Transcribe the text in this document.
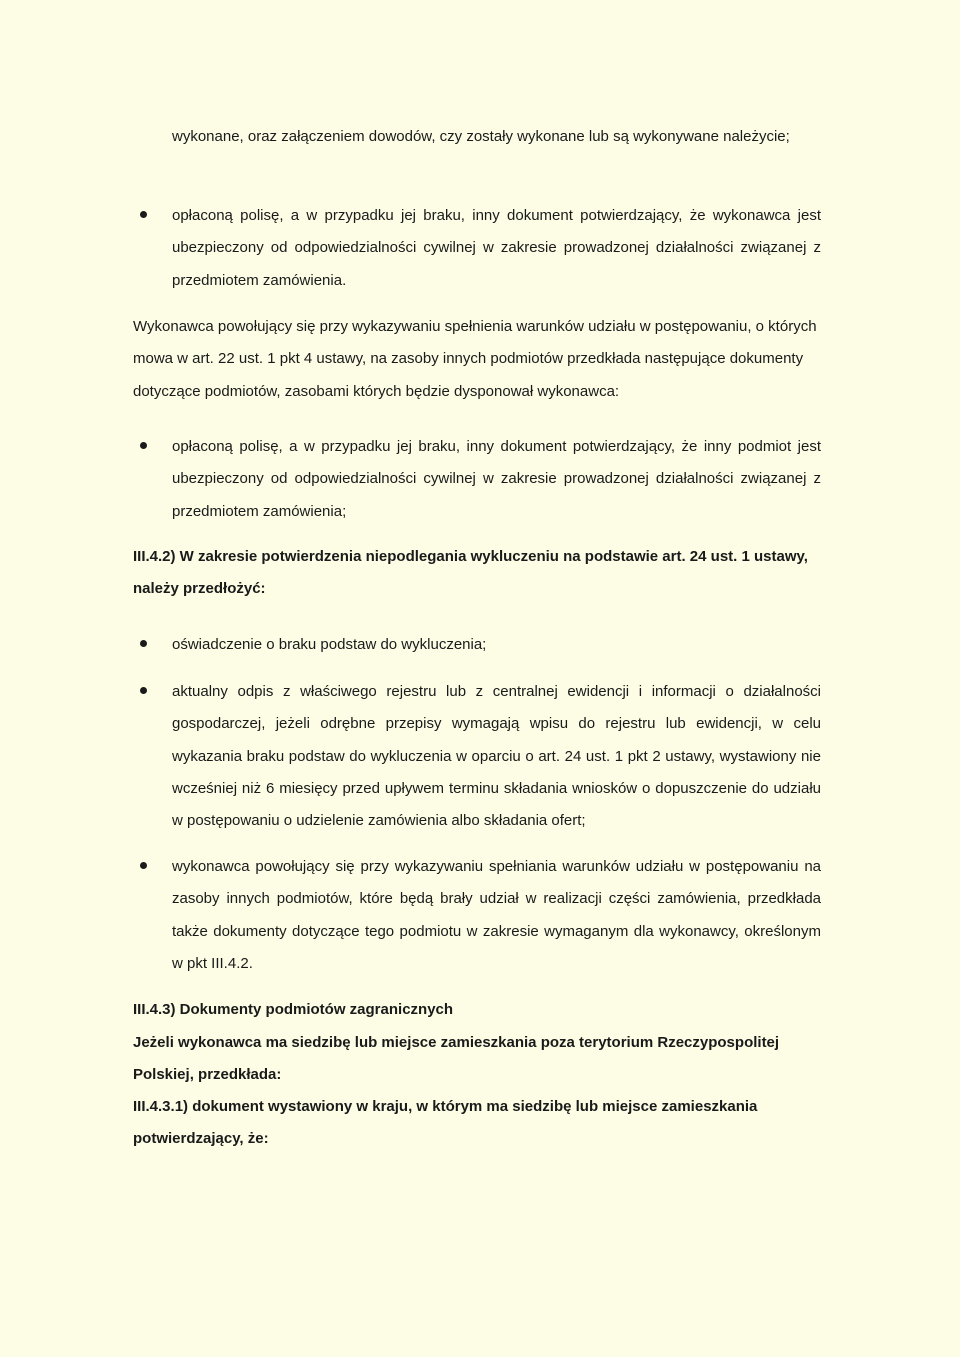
wykonane, oraz załączeniem dowodów, czy zostały wykonane lub są wykonywane należycie;

opłaconą polisę, a w przypadku jej braku, inny dokument potwierdzający, że wykonawca jest ubezpieczony od odpowiedzialności cywilnej w zakresie prowadzonej działalności związanej z przedmiotem zamówienia.

Wykonawca powołujący się przy wykazywaniu spełnienia warunków udziału w postępowaniu, o których mowa w art. 22 ust. 1 pkt 4 ustawy, na zasoby innych podmiotów przedkłada następujące dokumenty dotyczące podmiotów, zasobami których będzie dysponował wykonawca:

opłaconą polisę, a w przypadku jej braku, inny dokument potwierdzający, że inny podmiot jest ubezpieczony od odpowiedzialności cywilnej w zakresie prowadzonej działalności związanej z przedmiotem zamówienia;

III.4.2) W zakresie potwierdzenia niepodlegania wykluczeniu na podstawie art. 24 ust. 1 ustawy, należy przedłożyć:

oświadczenie o braku podstaw do wykluczenia;

aktualny odpis z właściwego rejestru lub z centralnej ewidencji i informacji o działalności gospodarczej, jeżeli odrębne przepisy wymagają wpisu do rejestru lub ewidencji, w celu wykazania braku podstaw do wykluczenia w oparciu o art. 24 ust. 1 pkt 2 ustawy, wystawiony nie wcześniej niż 6 miesięcy przed upływem terminu składania wniosków o dopuszczenie do udziału w postępowaniu o udzielenie zamówienia albo składania ofert;

wykonawca powołujący się przy wykazywaniu spełniania warunków udziału w postępowaniu na zasoby innych podmiotów, które będą brały udział w realizacji części zamówienia, przedkłada także dokumenty dotyczące tego podmiotu w zakresie wymaganym dla wykonawcy, określonym w pkt III.4.2.

III.4.3) Dokumenty podmiotów zagranicznych

Jeżeli wykonawca ma siedzibę lub miejsce zamieszkania poza terytorium Rzeczypospolitej Polskiej, przedkłada:

III.4.3.1) dokument wystawiony w kraju, w którym ma siedzibę lub miejsce zamieszkania potwierdzający, że:
